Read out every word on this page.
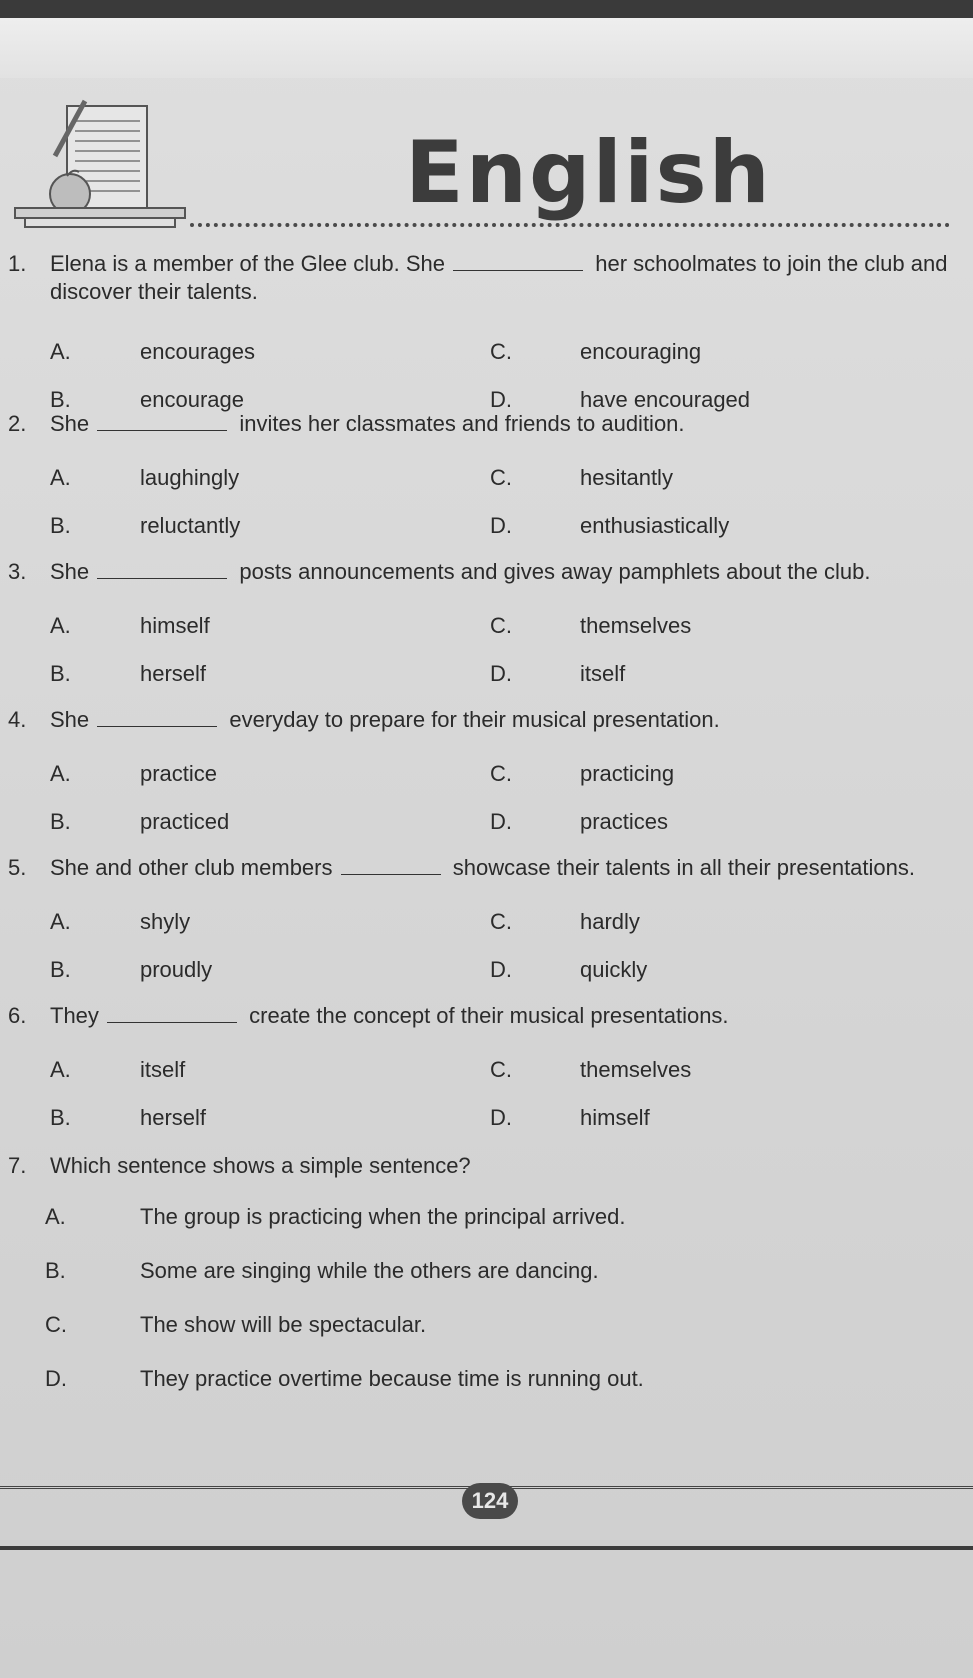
English
1.	Elena is a member of the Glee club. She	her schoolmates to join the club and discover their talents.
A.	encourages	C.	encouraging
B.	encourage	D.	have encouraged
2.	She	invites her classmates and friends to audition.
A.	laughingly	C.	hesitantly
B.	reluctantly	D.	enthusiastically
3.	She	posts announcements and gives away pamphlets about the club.
A.	himself	C.	themselves
B.	herself	D.	itself
4.	She	everyday to prepare for their musical presentation.
A.	practice	C.	practicing
B.	practiced	D.	practices
5.	She and other club members	showcase their talents in all their presentations.
A.	shyly	C.	hardly
B.	proudly	D.	quickly
6.	They	create the concept of their musical presentations.
A.	itself	C.	themselves
B.	herself	D.	himself
7.	Which sentence shows a simple sentence?
A.	The group is practicing when the principal arrived.
B.	Some are singing while the others are dancing.
C.	The show will be spectacular.
D.	They practice overtime because time is running out.
124
